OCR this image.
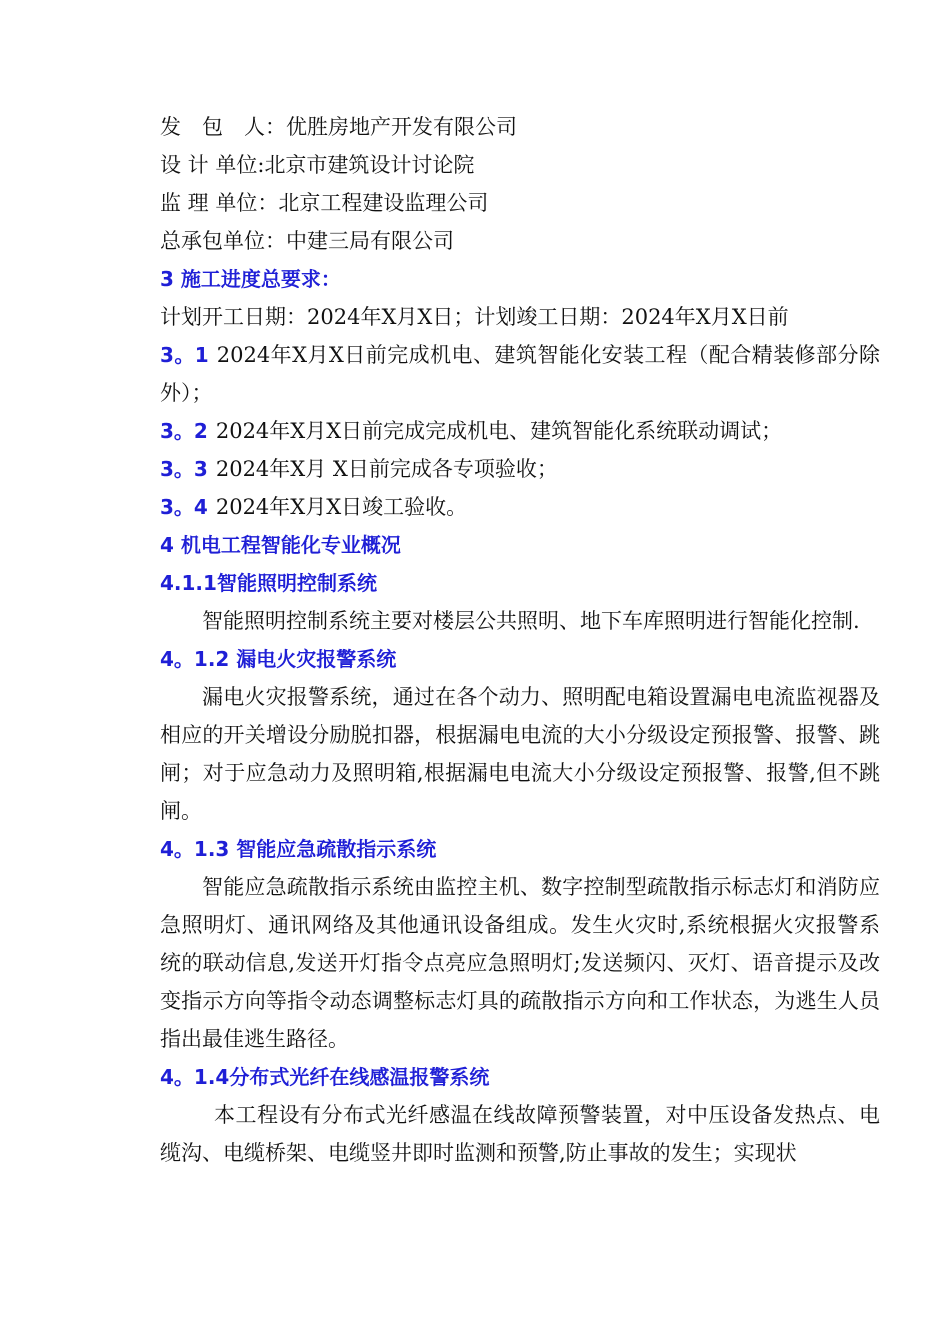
发　包　人：优胜房地产开发有限公司

设 计 单位:北京市建筑设计讨论院

监 理 单位：北京工程建设监理公司

总承包单位：中建三局有限公司

3 施工进度总要求：

计划开工日期：2024年X月X日；计划竣工日期：2024年X月X日前

3。1 2024年X月X日前完成机电、建筑智能化安装工程（配合精装修部分除外）；

3。2 2024年X月X日前完成完成机电、建筑智能化系统联动调试；

3。3 2024年X月 X日前完成各专项验收；

3。4 2024年X月X日竣工验收。

4 机电工程智能化专业概况

4.1.1智能照明控制系统

智能照明控制系统主要对楼层公共照明、地下车库照明进行智能化控制.

4。1.2 漏电火灾报警系统

漏电火灾报警系统，通过在各个动力、照明配电箱设置漏电电流监视器及相应的开关增设分励脱扣器，根据漏电电流的大小分级设定预报警、报警、跳闸；对于应急动力及照明箱,根据漏电电流大小分级设定预报警、报警,但不跳闸。

4。1.3 智能应急疏散指示系统

智能应急疏散指示系统由监控主机、数字控制型疏散指示标志灯和消防应急照明灯、通讯网络及其他通讯设备组成。发生火灾时,系统根据火灾报警系统的联动信息,发送开灯指令点亮应急照明灯;发送频闪、灭灯、语音提示及改变指示方向等指令动态调整标志灯具的疏散指示方向和工作状态，为逃生人员指出最佳逃生路径。

4。1.4分布式光纤在线感温报警系统

本工程设有分布式光纤感温在线故障预警装置，对中压设备发热点、电缆沟、电缆桥架、电缆竖井即时监测和预警,防止事故的发生；实现状
